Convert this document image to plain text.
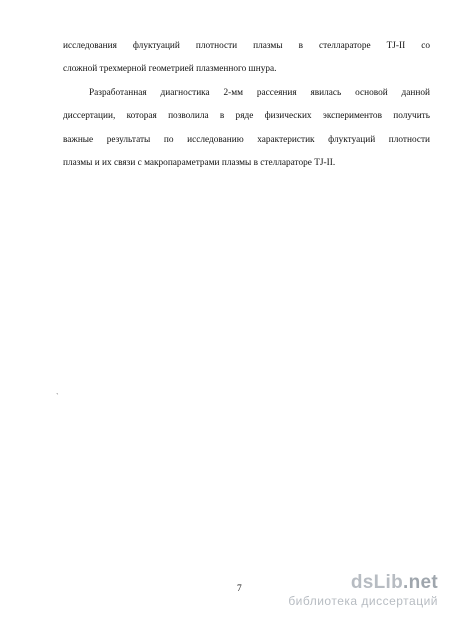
исследования флуктуаций плотности плазмы в стеллараторе TJ-II со
сложной трехмерной геометрией плазменного шнура.
Разработанная диагностика 2-мм рассеяния явилась основой данной
диссертации, которая позволила в ряде физических экспериментов получить
важные результаты по исследованию характеристик флуктуаций плотности
плазмы и их связи с макропараметрами плазмы в стеллараторе TJ-II.
`
7	dsLib.net
библиотека диссертаций
